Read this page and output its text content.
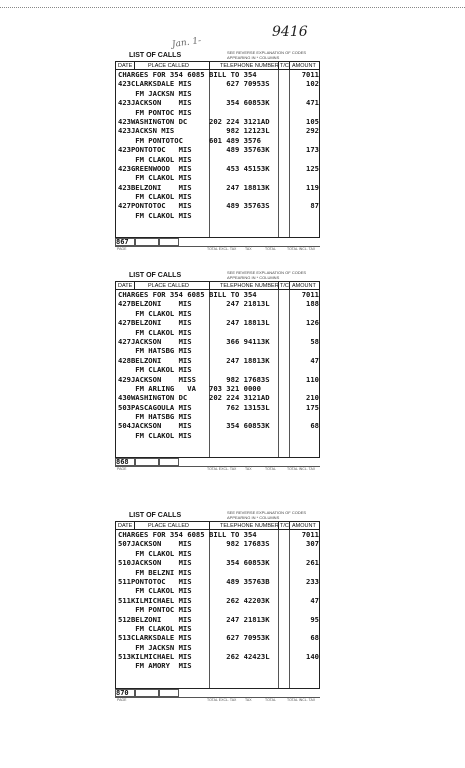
Jan. 1-
9416
LIST OF CALLS	SEE REVERSE EXPLANATION OF CODES
APPEARING IN * COLUMNS
DATE	PLACE CALLED	TELEPHONE NUMBER T/C AMOUNT
CHARGES FOR 354 6085 BILL TO 354	7011
423CLARKSDALE MIS 627 70953S	102
FM JACKSN MIS
423JACKSON    MIS 354 60853K	471
FM PONTOC MIS
423WASHINGTON DC	202 224 3121AD	105
423JACKSN MIS	982 12123L	292
FM PONTOTOC	601 489 3576
423PONTOTOC   MIS 489 35763K	173
FM CLAKOL MIS
423GREENWOOD  MIS 453 45153K	125
FM CLAKOL MIS
423BELZONI    MIS 247 18813K	119
FM CLAKOL MIS
427PONTOTOC   MIS 489 35763S	87
FM CLAKOL MIS
867
PAGE	TOTAL EXCL. TAX TAX	TOTAL	TOTAL INCL. TAX
LIST OF CALLS	SEE REVERSE EXPLANATION OF CODES
APPEARING IN * COLUMNS
DATE	PLACE CALLED	TELEPHONE NUMBER T/C AMOUNT
CHARGES FOR 354 6085 BILL TO 354	7011
427BELZONI    MIS 247 21813L	188
FM CLAKOL MIS
427BELZONI    MIS 247 18813L	126
FM CLAKOL MIS
427JACKSON    MIS 366 94113K	58
FM HATSBG MIS
428BELZONI    MIS 247 18813K	47
FM CLAKOL MIS
429JACKSON    MISS 982 17683S	110
FM ARLING   VA 703 321 0000
430WASHINGTON DC	202 224 3121AD	210
503PASCAGOULA MIS 762 13153L	175
FM HATSBG MIS
504JACKSON    MIS 354 60853K	68
FM CLAKOL MIS
868
PAGE	TOTAL EXCL. TAX TAX	TOTAL	TOTAL INCL. TAX
LIST OF CALLS	SEE REVERSE EXPLANATION OF CODES
APPEARING IN * COLUMNS
DATE	PLACE CALLED	TELEPHONE NUMBER T/C AMOUNT
CHARGES FOR 354 6085 BILL TO 354	7011
507JACKSON    MIS 982 17683S	307
FM CLAKOL MIS
510JACKSON    MIS 354 60853K	261
FM BELZNI MIS
511PONTOTOC   MIS 489 35763B	233
FM CLAKOL MIS
511KILMICHAEL MIS 262 42203K	47
FM PONTOC MIS
512BELZONI    MIS 247 21813K	95
FM CLAKOL MIS
513CLARKSDALE MIS 627 70953K	68
FM JACKSN MIS
513KILMICHAEL MIS 262 42423L	140
FM AMORY  MIS
870
PAGE	TOTAL EXCL. TAX TAX	TOTAL	TOTAL INCL. TAX
